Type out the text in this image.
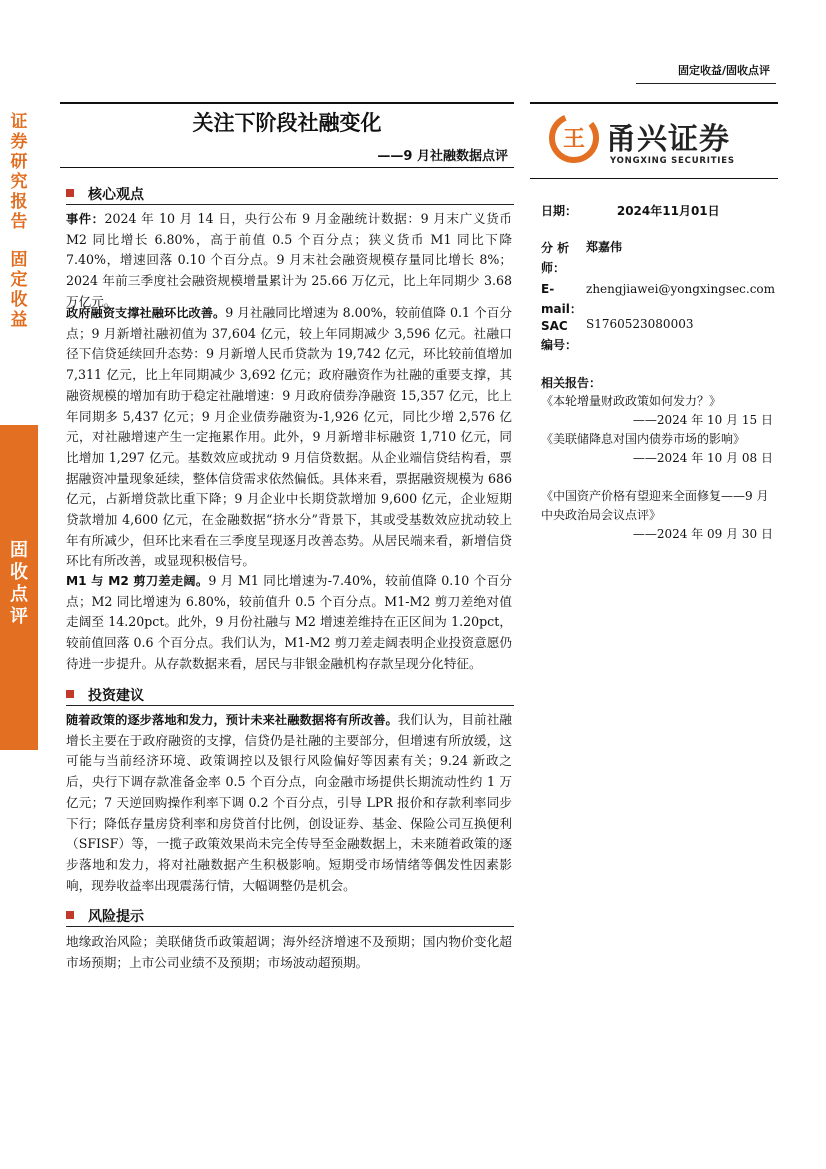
固定收益/固收点评
证
券
研
究
报
告
固
定
收
益
固
收
点
评
关注下阶段社融变化
——9 月社融数据点评
王 甬兴证券
YONGXING SECURITIES
日期：	2024年11月01日
分 析 师：
郑嘉伟
E-mail：
zhengjiawei@yongxingsec.com
SAC 编号：
S1760523080003
相关报告：
《本轮增量财政政策如何发力？》
——2024 年 10 月 15 日
《美联储降息对国内债券市场的影响》
——2024 年 10 月 08 日
《中国资产价格有望迎来全面修复——9 月中央政治局会议点评》
——2024 年 09 月 30 日
核心观点
事件：2024 年 10 月 14 日，央行公布 9 月金融统计数据：9 月末广义货币 M2 同比增长 6.80%，高于前值 0.5 个百分点；狭义货币 M1 同比下降 7.40%，增速回落 0.10 个百分点。9 月末社会融资规模存量同比增长 8%；2024 年前三季度社会融资规模增量累计为 25.66 万亿元，比上年同期少 3.68 万亿元。
政府融资支撑社融环比改善。9 月社融同比增速为 8.00%，较前值降 0.1 个百分点；9 月新增社融初值为 37,604 亿元，较上年同期减少 3,596 亿元。社融口径下信贷延续回升态势：9 月新增人民币贷款为 19,742 亿元，环比较前值增加 7,311 亿元，比上年同期减少 3,692 亿元；政府融资作为社融的重要支撑，其融资规模的增加有助于稳定社融增速：9 月政府债券净融资 15,357 亿元，比上年同期多 5,437 亿元；9 月企业债券融资为-1,926 亿元，同比少增 2,576 亿元，对社融增速产生一定拖累作用。此外，9 月新增非标融资 1,710 亿元，同比增加 1,297 亿元。基数效应或扰动 9 月信贷数据。从企业端信贷结构看，票据融资冲量现象延续，整体信贷需求依然偏低。具体来看，票据融资规模为 686 亿元，占新增贷款比重下降；9 月企业中长期贷款增加 9,600 亿元，企业短期贷款增加 4,600 亿元，在金融数据“挤水分”背景下，其或受基数效应扰动较上年有所减少，但环比来看在三季度呈现逐月改善态势。从居民端来看，新增信贷环比有所改善，或显现积极信号。
M1 与 M2 剪刀差走阔。9 月 M1 同比增速为-7.40%，较前值降 0.10 个百分点；M2 同比增速为 6.80%，较前值升 0.5 个百分点。M1-M2 剪刀差绝对值走阔至 14.20pct。此外，9 月份社融与 M2 增速差维持在正区间为 1.20pct，较前值回落 0.6 个百分点。我们认为，M1-M2 剪刀差走阔表明企业投资意愿仍待进一步提升。从存款数据来看，居民与非银金融机构存款呈现分化特征。
投资建议
随着政策的逐步落地和发力，预计未来社融数据将有所改善。我们认为，目前社融增长主要在于政府融资的支撑，信贷仍是社融的主要部分，但增速有所放缓，这可能与当前经济环境、政策调控以及银行风险偏好等因素有关；9.24 新政之后，央行下调存款准备金率 0.5 个百分点，向金融市场提供长期流动性约 1 万亿元；7 天逆回购操作利率下调 0.2 个百分点，引导 LPR 报价和存款利率同步下行；降低存量房贷利率和房贷首付比例，创设证券、基金、保险公司互换便利（SFISF）等，一揽子政策效果尚未完全传导至金融数据上，未来随着政策的逐步落地和发力，将对社融数据产生积极影响。短期受市场情绪等偶发性因素影响，现券收益率出现震荡行情，大幅调整仍是机会。
风险提示
地缘政治风险；美联储货币政策超调；海外经济增速不及预期；国内物价变化超市场预期；上市公司业绩不及预期；市场波动超预期。
